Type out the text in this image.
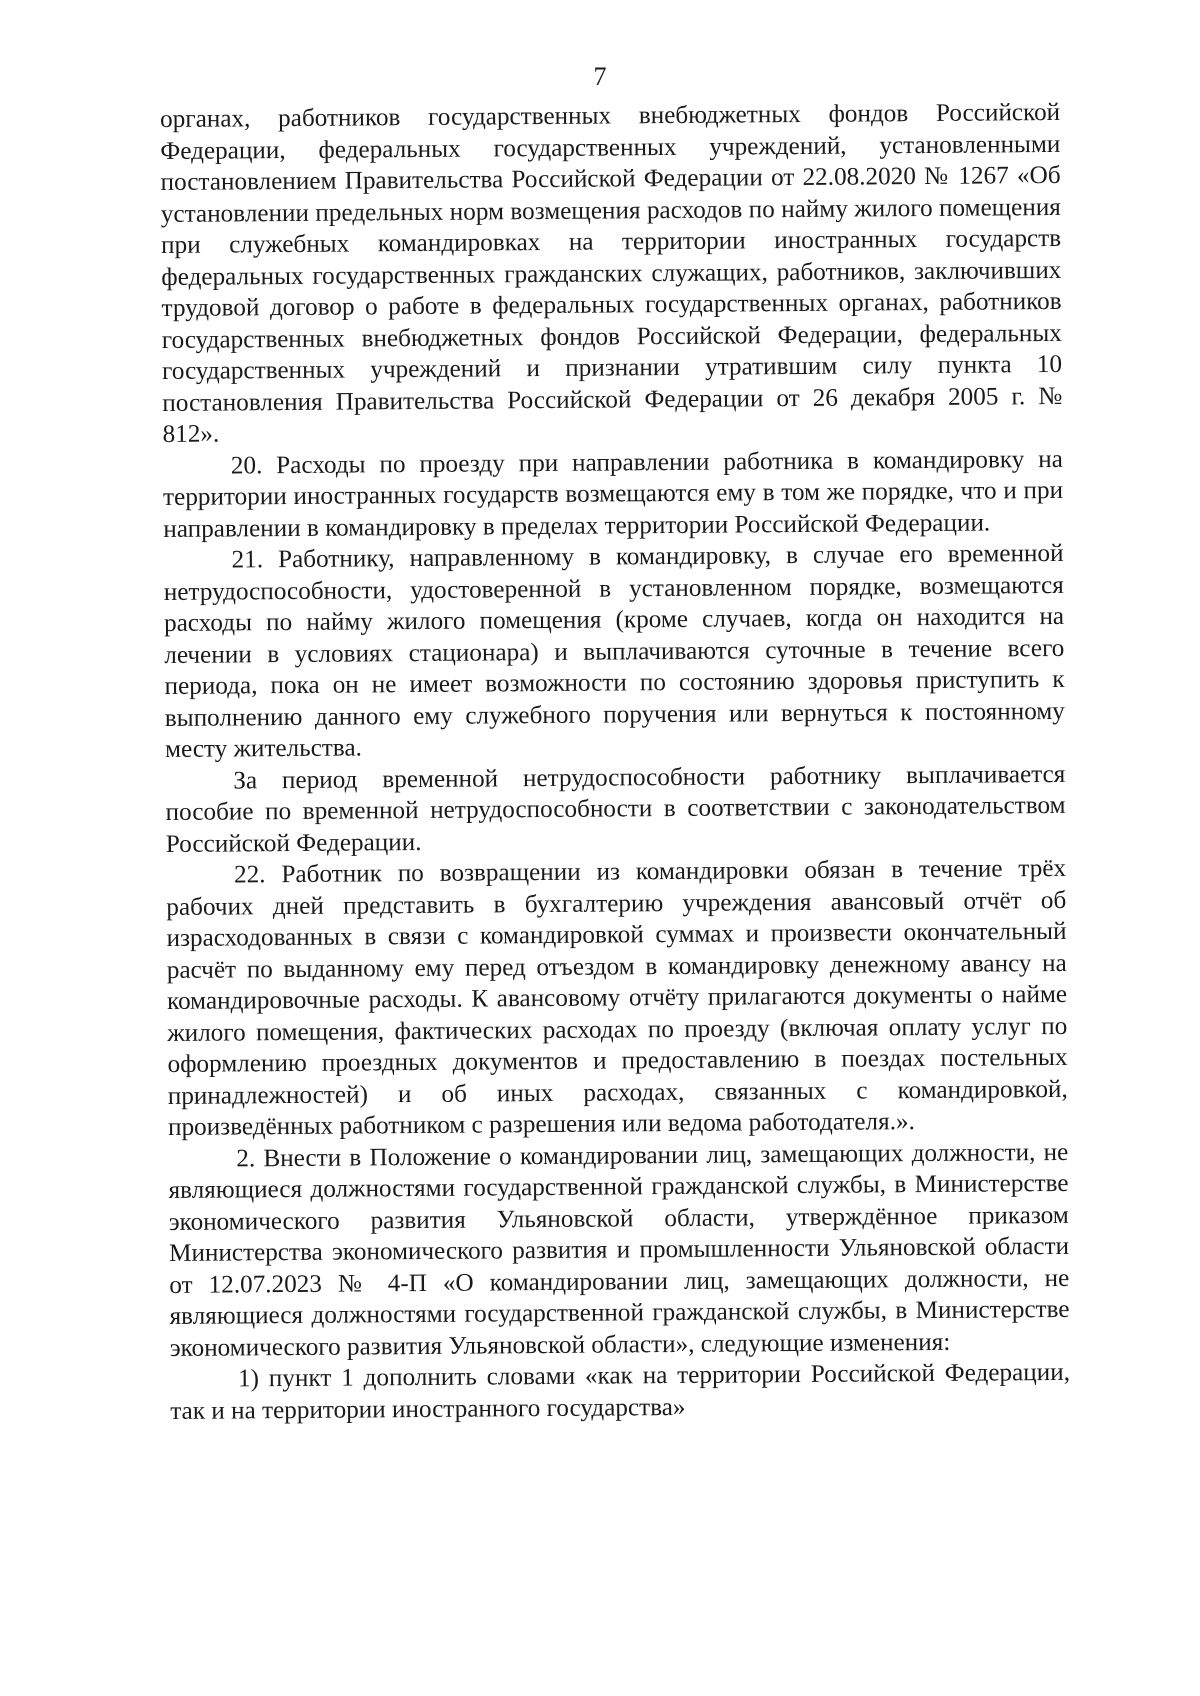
7

органах, работников государственных внебюджетных фондов Российской Федерации, федеральных государственных учреждений, установленными постановлением Правительства Российской Федерации от 22.08.2020 № 1267 «Об установлении предельных норм возмещения расходов по найму жилого помещения при служебных командировках на территории иностранных государств федеральных государственных гражданских служащих, работников, заключивших трудовой договор о работе в федеральных государственных органах, работников государственных внебюджетных фондов Российской Федерации, федеральных государственных учреждений и признании утратившим силу пункта 10 постановления Правительства Российской Федерации от 26 декабря 2005 г. № 812».

20. Расходы по проезду при направлении работника в командировку на территории иностранных государств возмещаются ему в том же порядке, что и при направлении в командировку в пределах территории Российской Федерации.

21. Работнику, направленному в командировку, в случае его временной нетрудоспособности, удостоверенной в установленном порядке, возмещаются расходы по найму жилого помещения (кроме случаев, когда он находится на лечении в условиях стационара) и выплачиваются суточные в течение всего периода, пока он не имеет возможности по состоянию здоровья приступить к выполнению данного ему служебного поручения или вернуться к постоянному месту жительства.

За период временной нетрудоспособности работнику выплачивается пособие по временной нетрудоспособности в соответствии с законодательством Российской Федерации.

22. Работник по возвращении из командировки обязан в течение трёх рабочих дней представить в бухгалтерию учреждения авансовый отчёт об израсходованных в связи с командировкой суммах и произвести окончательный расчёт по выданному ему перед отъездом в командировку денежному авансу на командировочные расходы. К авансовому отчёту прилагаются документы о найме жилого помещения, фактических расходах по проезду (включая оплату услуг по оформлению проездных документов и предоставлению в поездах постельных принадлежностей) и об иных расходах, связанных с командировкой, произведённых работником с разрешения или ведома работодателя.».

2. Внести в Положение о командировании лиц, замещающих должности, не являющиеся должностями государственной гражданской службы, в Министерстве экономического развития Ульяновской области, утверждённое приказом Министерства экономического развития и промышленности Ульяновской области от 12.07.2023 № 4-П «О командировании лиц, замещающих должности, не являющиеся должностями государственной гражданской службы, в Министерстве экономического развития Ульяновской области», следующие изменения:

1) пункт 1 дополнить словами «как на территории Российской Федерации, так и на территории иностранного государства»
